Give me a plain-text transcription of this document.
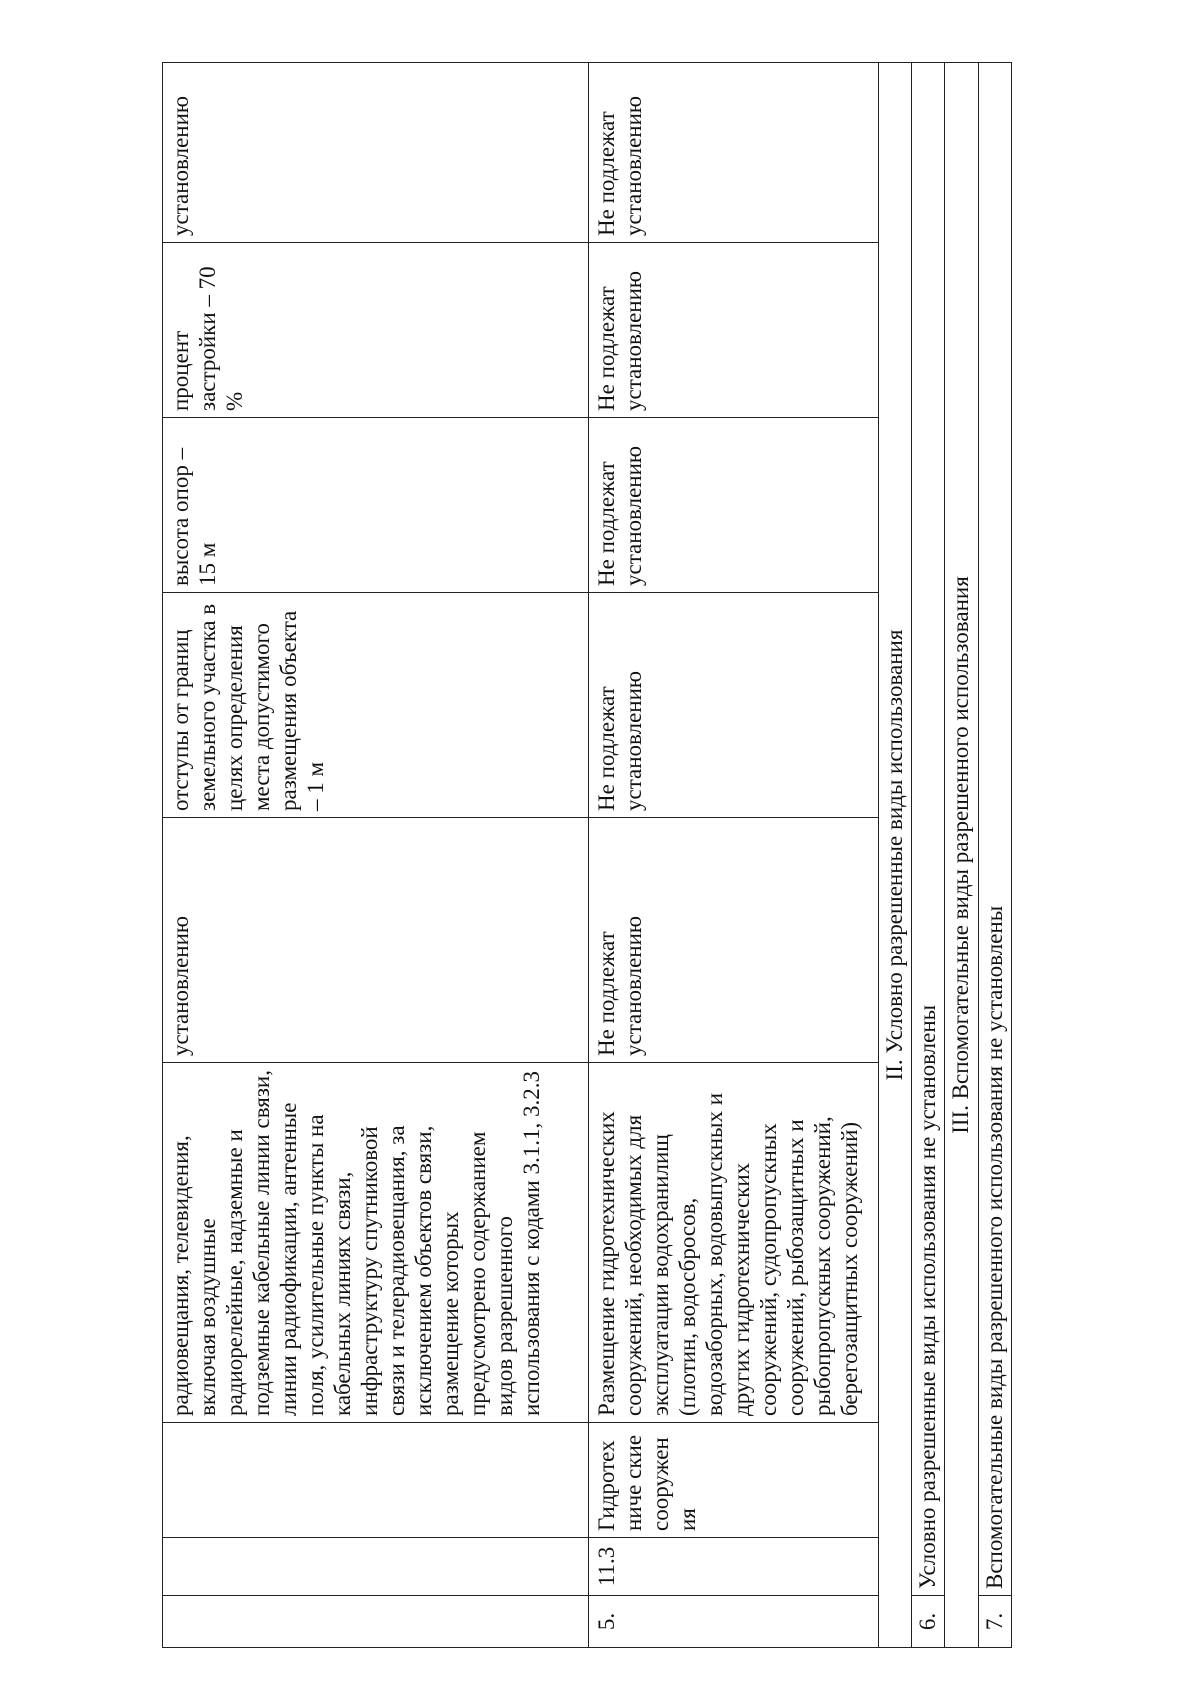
			радиовещания, телевидения, включая воздушные радиорелейные, надземные и подземные кабельные линии связи, линии радиофикации, антенные поля, усилительные пункты на кабельных линиях связи, инфраструктуру спутниковой связи и телерадиовещания, за исключением объектов связи, размещение которых предусмотрено содержанием видов разрешенного использования с кодами 3.1.1, 3.2.3	установлению	отступы от границ земельного участка в целях определения места допустимого размещения объекта – 1 м	высота опор – 15 м	процент застройки – 70 %	установлению
5.	11.3	Гидротехниче ские сооружения	Размещение гидротехнических сооружений, необходимых для эксплуатации водохранилищ (плотин, водосбросов, водозаборных, водовыпускных и других гидротехнических сооружений, судопропускных сооружений, рыбозащитных и рыбопропускных сооружений, берегозащитных сооружений)	Не подлежат установлению	Не подлежат установлению	Не подлежат установлению	Не подлежат установлению	Не подлежат установлению
II. Условно разрешенные виды использования								
6.	Условно разрешенные виды использования не установлены							
III. Вспомогательные виды разрешенного использования								
7.	Вспомогательные виды разрешенного использования не установлены							
